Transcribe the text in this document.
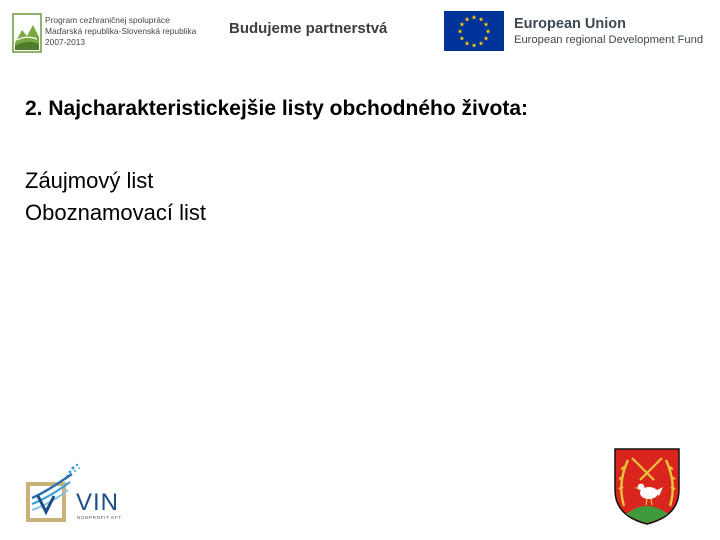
Program cezhraničnej spolupráce
Maďarská republika-Slovenská republika
2007-2013
Budujeme partnerstvá
★ ★
★
★
★
★
★
★
★
★
★
★	European Union
European regional Development Fund
2. Najcharakteristickejšie listy obchodného života:
Záujmový list
Oboznamovací list
VIN
NONPROFIT KFT.
